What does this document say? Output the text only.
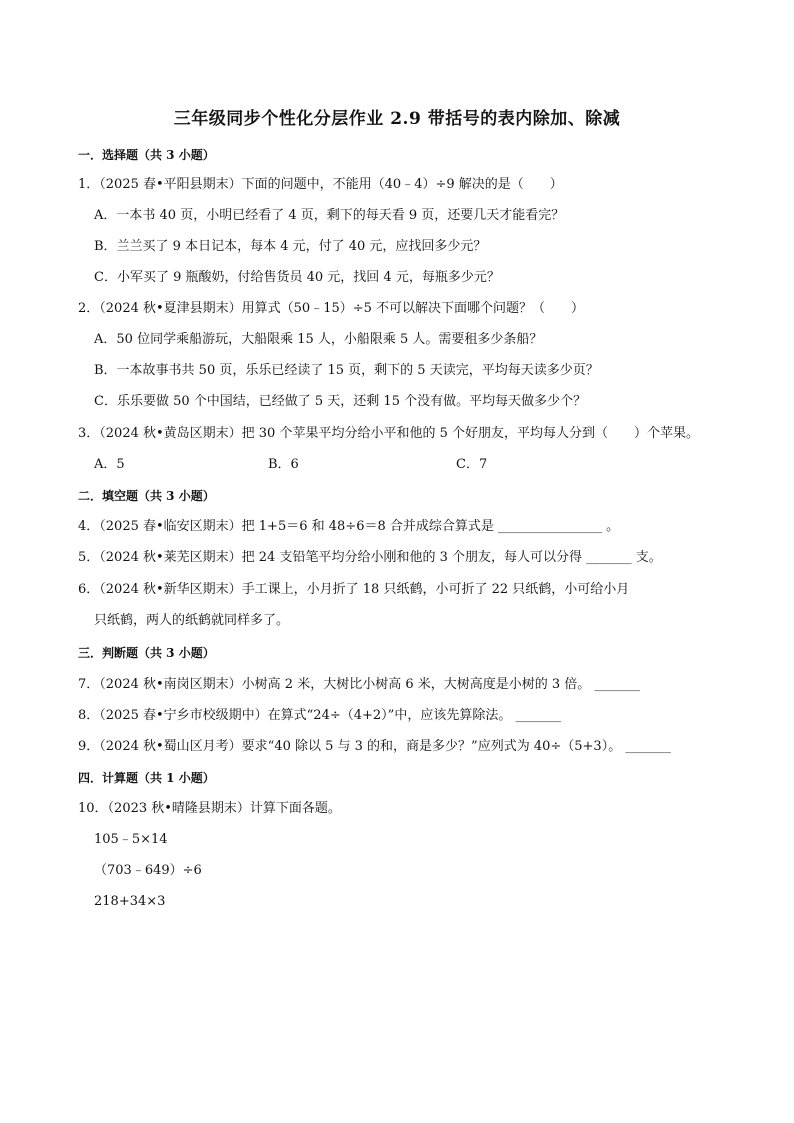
三年级同步个性化分层作业 2.9 带括号的表内除加、除减
一．选择题（共 3 小题）
1．（2025 春•平阳县期末）下面的问题中，不能用（40﹣4）÷9 解决的是（　　）
A．一本书 40 页，小明已经看了 4 页，剩下的每天看 9 页，还要几天才能看完？
B．兰兰买了 9 本日记本，每本 4 元，付了 40 元，应找回多少元？
C．小军买了 9 瓶酸奶，付给售货员 40 元，找回 4 元，每瓶多少元？
2．（2024 秋•夏津县期末）用算式（50﹣15）÷5 不可以解决下面哪个问题？（　　）
A．50 位同学乘船游玩，大船限乘 15 人，小船限乘 5 人。需要租多少条船？
B．一本故事书共 50 页，乐乐已经读了 15 页，剩下的 5 天读完，平均每天读多少页？
C．乐乐要做 50 个中国结，已经做了 5 天，还剩 15 个没有做。平均每天做多少个？
3．（2024 秋•黄岛区期末）把 30 个苹果平均分给小平和他的 5 个好朋友，平均每人分到（　　）个苹果。
A．5	B．6	C．7
二．填空题（共 3 小题）
4．（2025 春•临安区期末）把 1+5＝6 和 48÷6＝8 合并成综合算式是 ________________ 。
5．（2024 秋•莱芜区期末）把 24 支铅笔平均分给小刚和他的 3 个朋友，每人可以分得 _______ 支。
6．（2024 秋•新华区期末）手工课上，小月折了 18 只纸鹤，小可折了 22 只纸鹤，小可给小月
只纸鹤，两人的纸鹤就同样多了。
三．判断题（共 3 小题）
7．（2024 秋•南岗区期末）小树高 2 米，大树比小树高 6 米，大树高度是小树的 3 倍。 _______
8．（2025 春•宁乡市校级期中）在算式“24÷（4+2）”中，应该先算除法。 _______
9．（2024 秋•蜀山区月考）要求“40 除以 5 与 3 的和，商是多少？”应列式为 40÷（5+3）。 _______
四．计算题（共 1 小题）
10．（2023 秋•晴隆县期末）计算下面各题。
105﹣5×14
（703﹣649）÷6
218+34×3
